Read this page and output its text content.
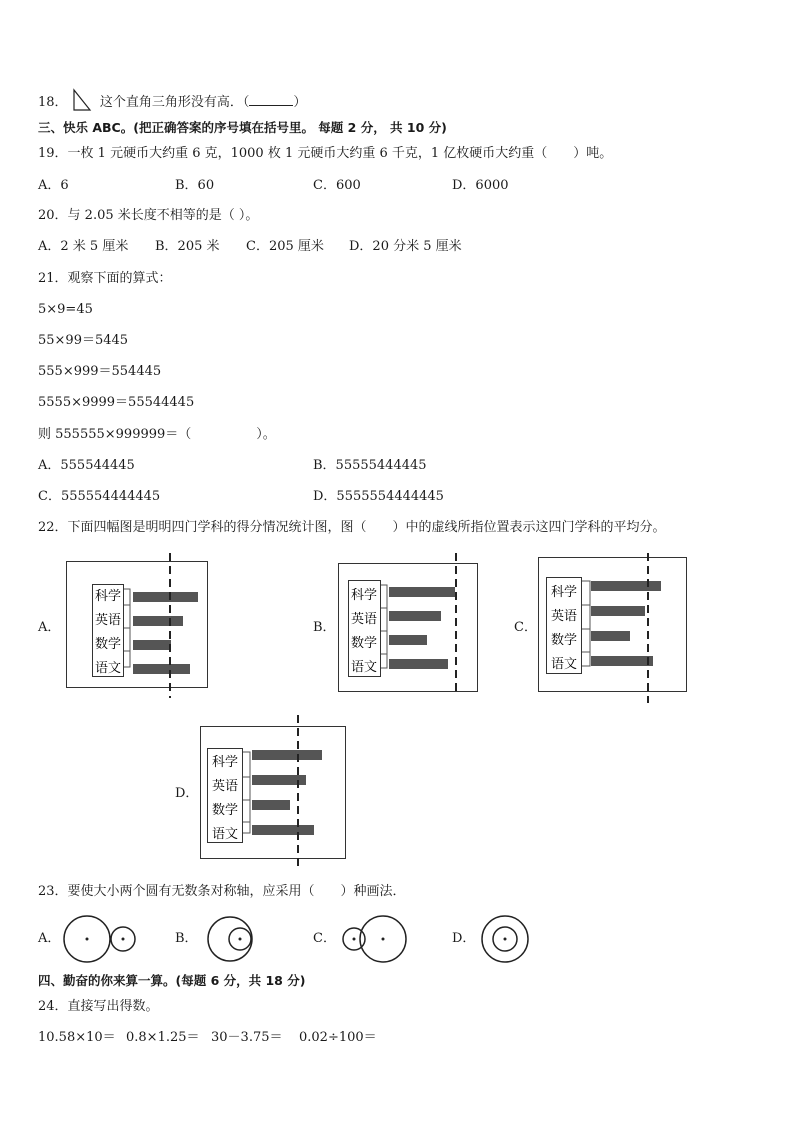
18． 这个直角三角形没有高．（	）
三、快乐 ABC。(把正确答案的序号填在括号里。 每题 2 分， 共 10 分)
19．一枚 1 元硬币大约重 6 克，1000 枚 1 元硬币大约重 6 千克，1 亿枚硬币大约重（　　）吨。
A．6	B．60	C．600	D．6000
20．与 2.05 米长度不相等的是（ ）。
A．2 米 5 厘米 B．205 米 C．205 厘米 D．20 分米 5 厘米
21．观察下面的算式：
5×9=45
55×99＝5445
555×999＝554445
5555×9999＝55544445
则 555555×999999＝（　　　　　）。
A．555544445	B．55555444445
C．555554444445	D．5555554444445
22．下面四幅图是明明四门学科的得分情况统计图，图（　　）中的虚线所指位置表示这四门学科的平均分。
A．
科学
英语
数学
语文
B．
科学
英语
数学
语文
C．
科学
英语
数学
语文
D．
科学
英语
数学
语文
23．要使大小两个圆有无数条对称轴，应采用（　　）种画法．
A．	B．	C．	D．
四、勤奋的你来算一算。(每题 6 分，共 18 分)
24．直接写出得数。
10.58×10＝ 0.8×1.25＝ 30－3.75＝ 0.02÷100＝
